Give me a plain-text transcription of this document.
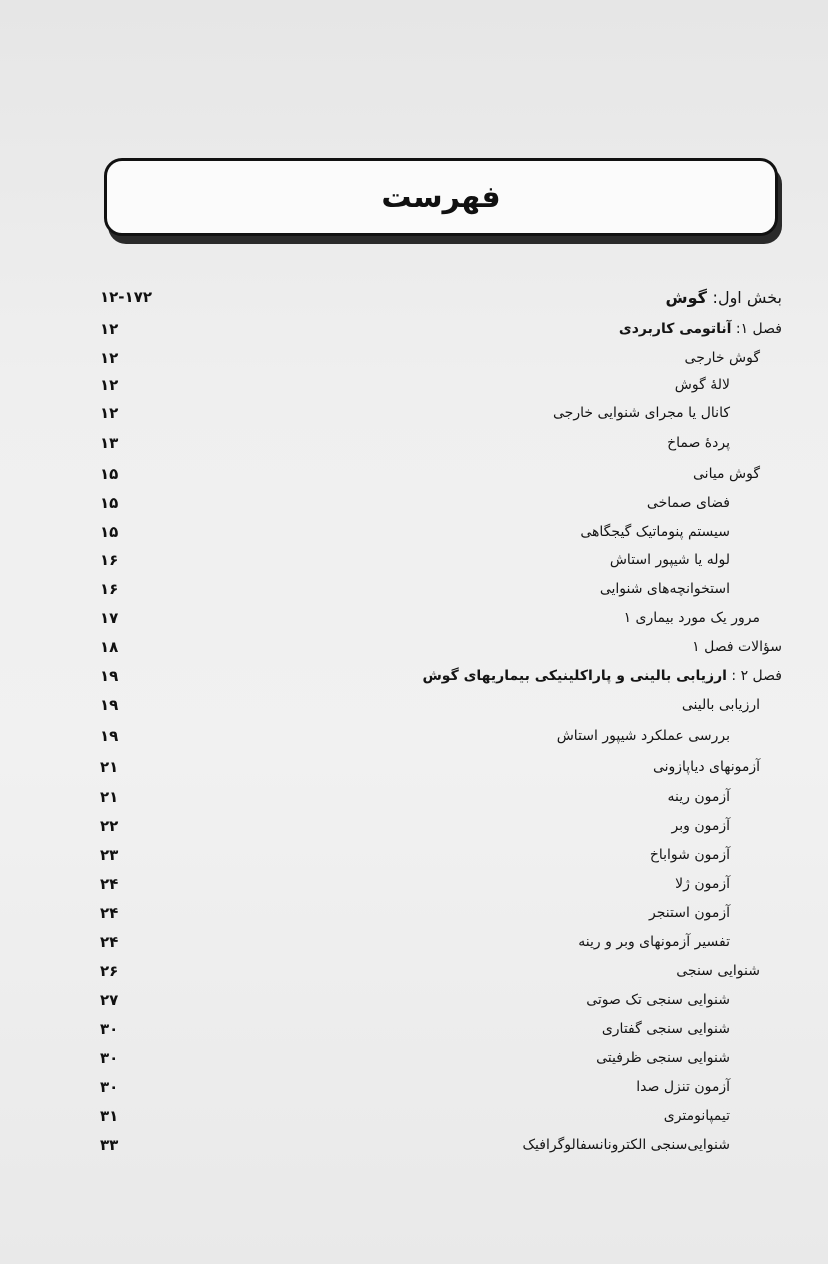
فهرست
۱۲-۱۷۲	بخش اول: گوش
۱۲	فصل ۱: آناتومی کاربردی
۱۲	گوش خارجی
۱۲	لالهٔ گوش
۱۲	کانال یا مجرای شنوایی خارجی
۱۳	پردهٔ صماخ
۱۵	گوش میانی
۱۵	فضای صماخی
۱۵	سیستم پنوماتیک گیجگاهی
۱۶	لوله یا شیپور استاش
۱۶	استخوانچه‌های شنوایی
۱۷	مرور یک مورد بیماری ۱
۱۸	سؤالات فصل ۱
۱۹	فصل ۲ : ارزیابی بالینی و پاراکلینیکی بیماریهای گوش
۱۹	ارزیابی بالینی
۱۹	بررسی عملکرد شیپور استاش
۲۱	آزمونهای دیاپازونی
۲۱	آزمون رینه
۲۲	آزمون وبر
۲۳	آزمون شواباخ
۲۴	آزمون ژلا
۲۴	آزمون استنجر
۲۴	تفسیر آزمونهای وبر و رینه
۲۶	شنوایی سنجی
۲۷	شنوایی سنجی تک صوتی
۳۰	شنوایی سنجی گفتاری
۳۰	شنوایی سنجی ظرفیتی
۳۰	آزمون تنزل صدا
۳۱	تیمپانومتری
۳۳	شنوایی‌سنجی الکترونانسفالوگرافیک
